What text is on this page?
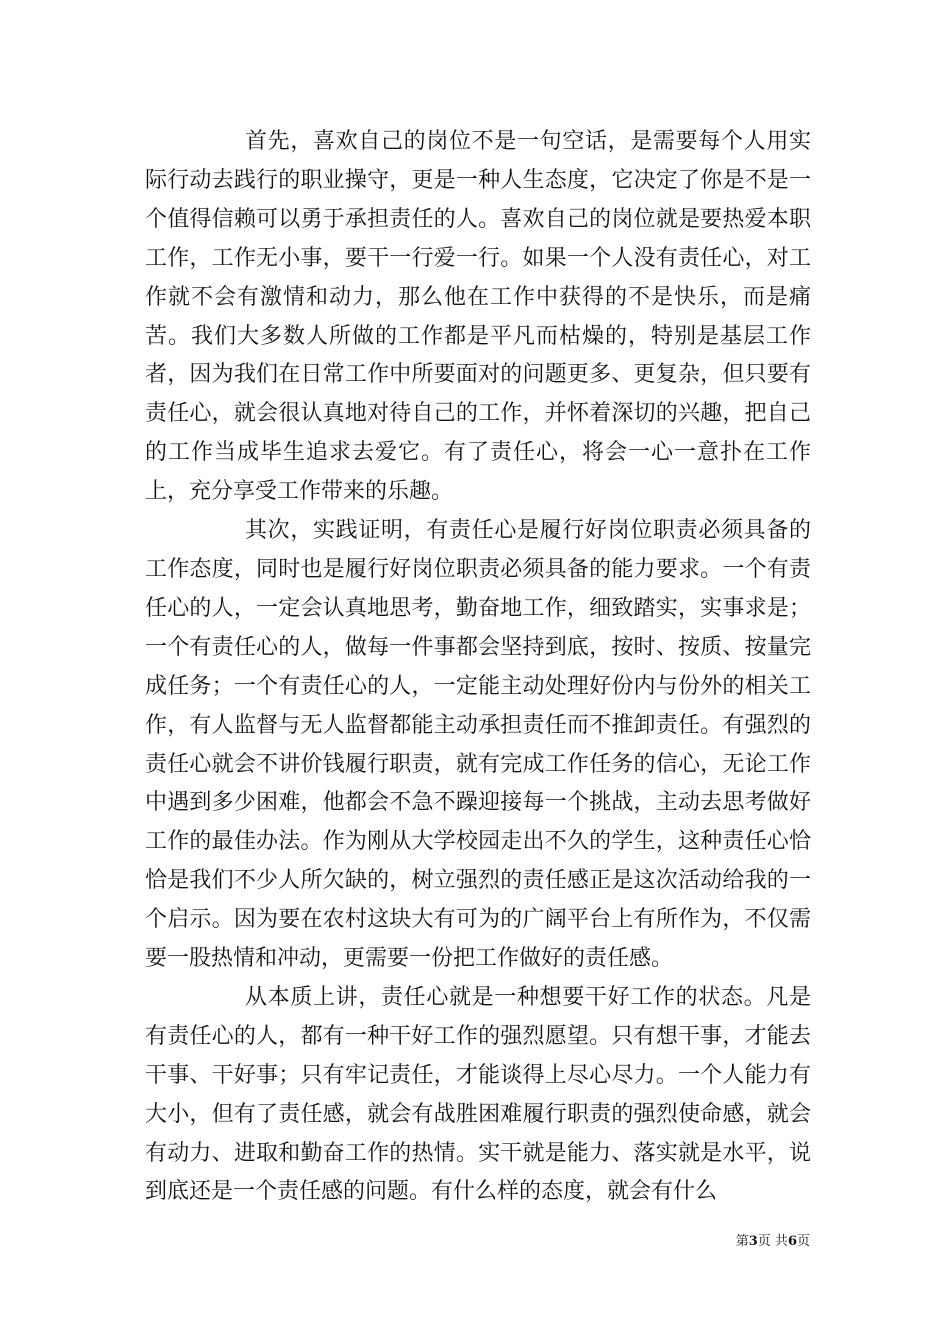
首先，喜欢自己的岗位不是一句空话，是需要每个人用实际行动去践行的职业操守，更是一种人生态度，它决定了你是不是一个值得信赖可以勇于承担责任的人。喜欢自己的岗位就是要热爱本职工作，工作无小事，要干一行爱一行。如果一个人没有责任心，对工作就不会有激情和动力，那么他在工作中获得的不是快乐，而是痛苦。我们大多数人所做的工作都是平凡而枯燥的，特别是基层工作者，因为我们在日常工作中所要面对的问题更多、更复杂，但只要有责任心，就会很认真地对待自己的工作，并怀着深切的兴趣，把自己的工作当成毕生追求去爱它。有了责任心，将会一心一意扑在工作上，充分享受工作带来的乐趣。

其次，实践证明，有责任心是履行好岗位职责必须具备的工作态度，同时也是履行好岗位职责必须具备的能力要求。一个有责任心的人，一定会认真地思考，勤奋地工作，细致踏实，实事求是；一个有责任心的人，做每一件事都会坚持到底，按时、按质、按量完成任务；一个有责任心的人，一定能主动处理好份内与份外的相关工作，有人监督与无人监督都能主动承担责任而不推卸责任。有强烈的责任心就会不讲价钱履行职责，就有完成工作任务的信心，无论工作中遇到多少困难，他都会不急不躁迎接每一个挑战，主动去思考做好工作的最佳办法。作为刚从大学校园走出不久的学生，这种责任心恰恰是我们不少人所欠缺的，树立强烈的责任感正是这次活动给我的一个启示。因为要在农村这块大有可为的广阔平台上有所作为，不仅需要一股热情和冲动，更需要一份把工作做好的责任感。

从本质上讲，责任心就是一种想要干好工作的状态。凡是有责任心的人，都有一种干好工作的强烈愿望。只有想干事，才能去干事、干好事；只有牢记责任，才能谈得上尽心尽力。一个人能力有大小，但有了责任感，就会有战胜困难履行职责的强烈使命感，就会有动力、进取和勤奋工作的热情。实干就是能力、落实就是水平，说到底还是一个责任感的问题。有什么样的态度，就会有什么

第3页 共6页
